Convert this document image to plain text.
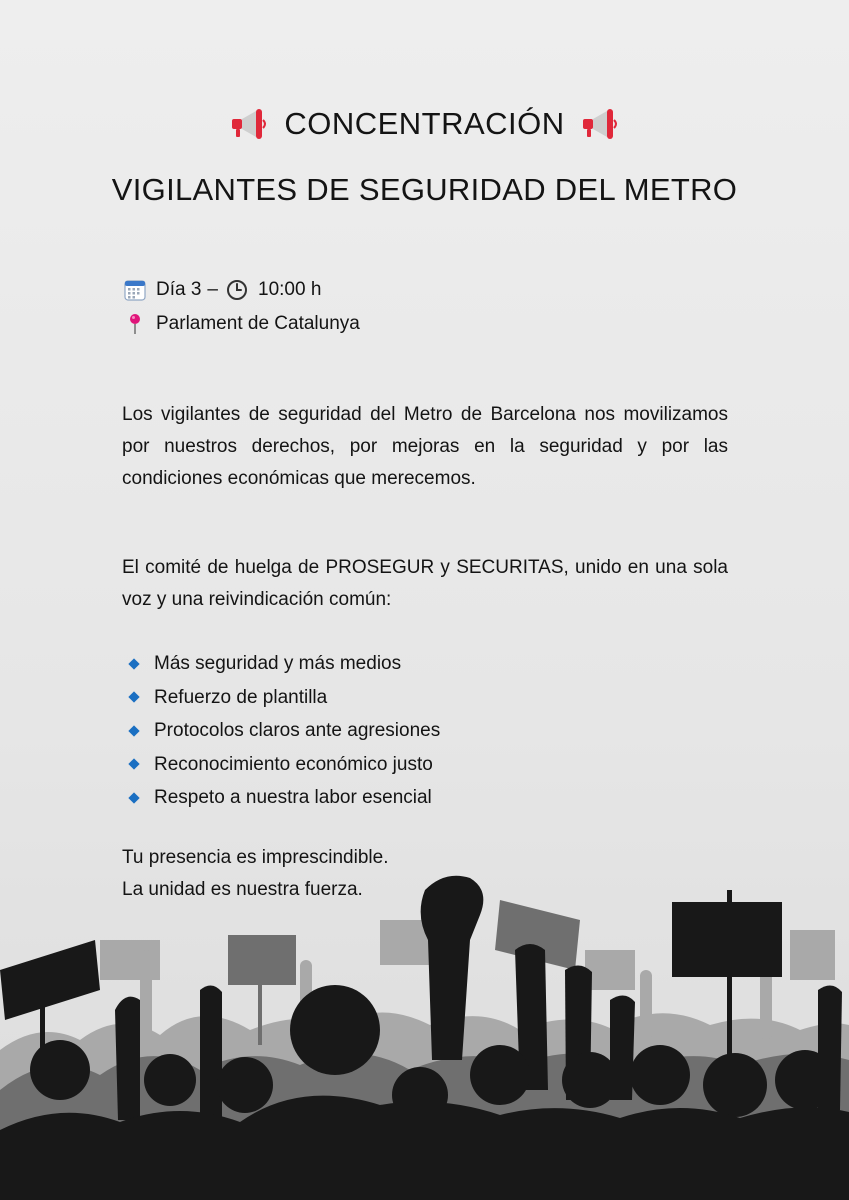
CONCENTRACIÓN
VIGILANTES DE SEGURIDAD DEL METRO
Día 3 – 10:00 h
Parlament de Catalunya

Los vigilantes de seguridad del Metro de Barcelona nos movilizamos por nuestros derechos, por mejoras en la seguridad y por las condiciones económicas que merecemos.

El comité de huelga de PROSEGUR y SECURITAS, unido en una sola voz y una reivindicación común:

Más seguridad y más medios
Refuerzo de plantilla
Protocolos claros ante agresiones
Reconocimiento económico justo
Respeto a nuestra labor esencial
Tu presencia es imprescindible.
La unidad es nuestra fuerza.
